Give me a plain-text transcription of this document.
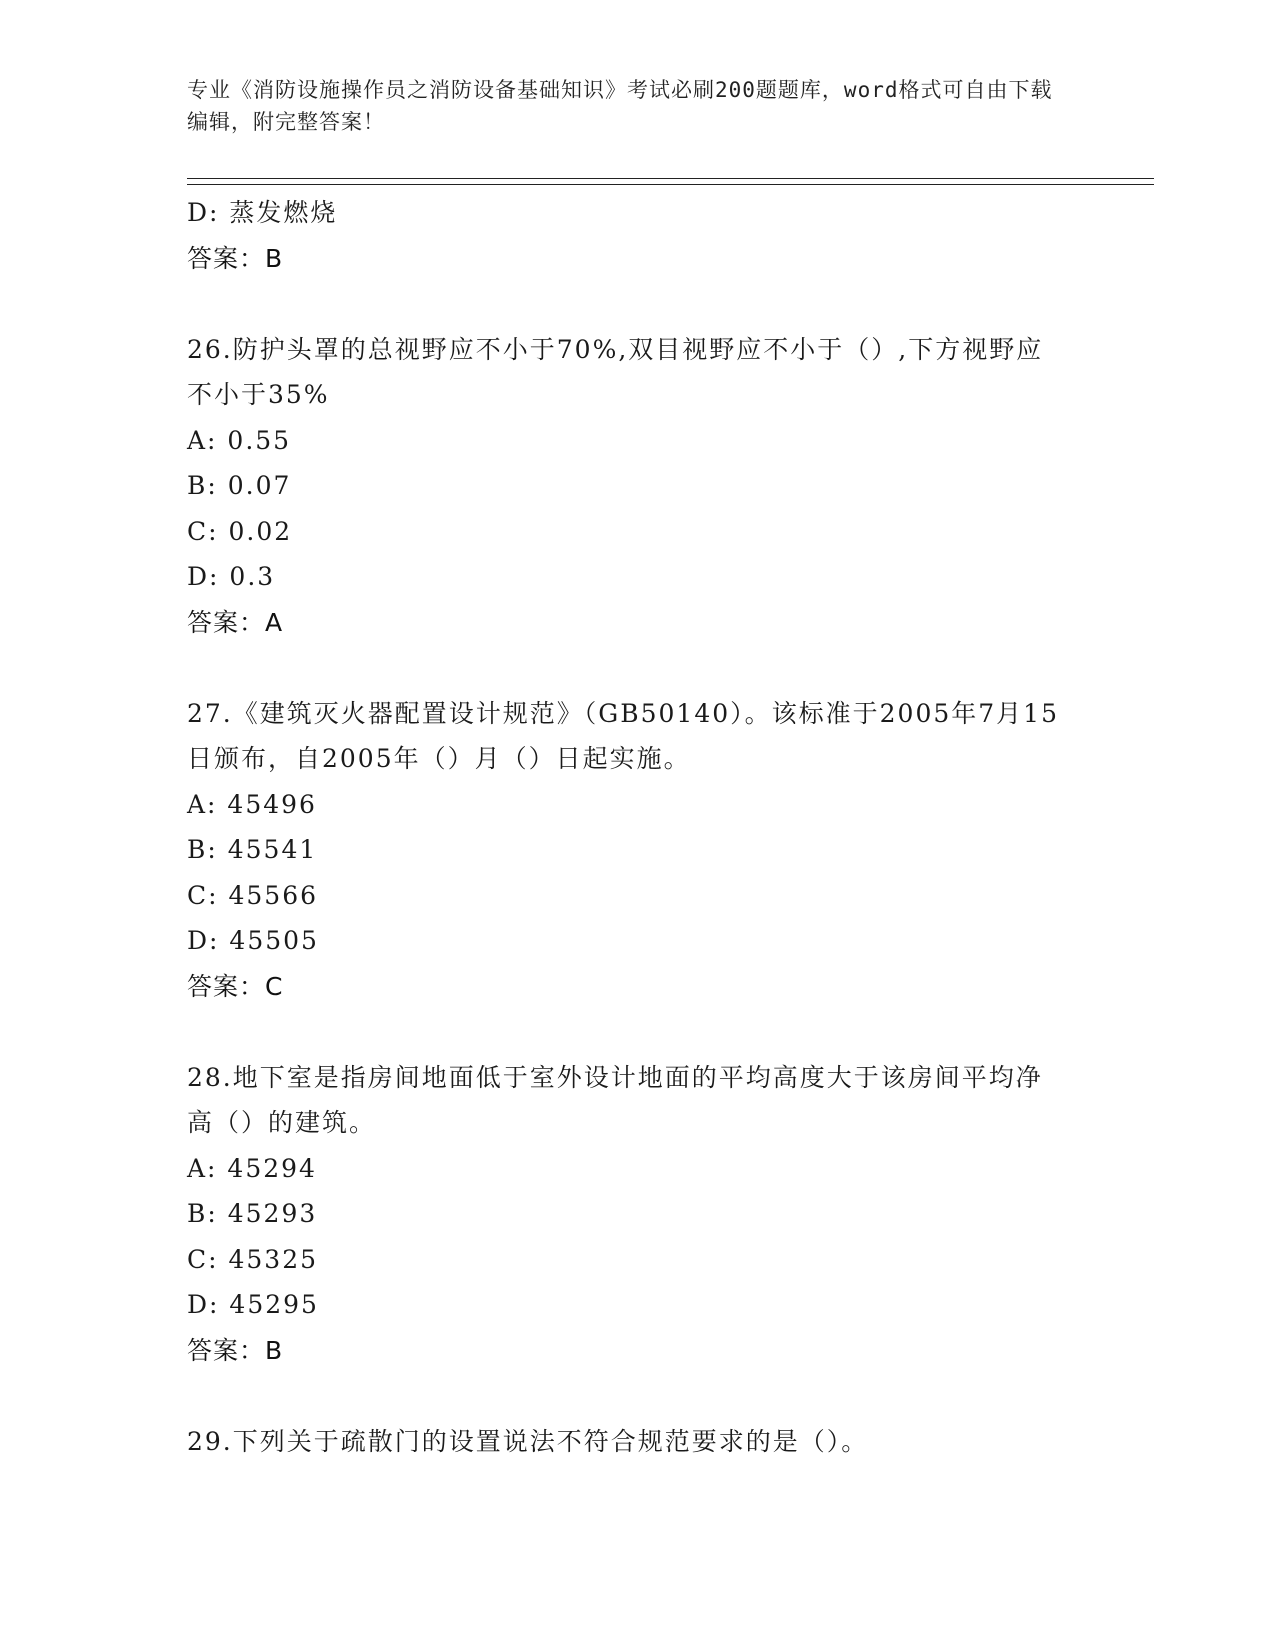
专业《消防设施操作员之消防设备基础知识》考试必刷200题题库，word格式可自由下载编辑，附完整答案！
D: 蒸发燃烧
答案：B
26.防护头罩的总视野应不小于70%,双目视野应不小于（）,下方视野应不小于35%
A: 0.55
B: 0.07
C: 0.02
D: 0.3
答案：A
27.《建筑灭火器配置设计规范》（GB50140）。该标准于2005年7月15日颁布，自2005年（）月（）日起实施。
A: 45496
B: 45541
C: 45566
D: 45505
答案：C
28.地下室是指房间地面低于室外设计地面的平均高度大于该房间平均净高（）的建筑。
A: 45294
B: 45293
C: 45325
D: 45295
答案：B
29.下列关于疏散门的设置说法不符合规范要求的是（）。
